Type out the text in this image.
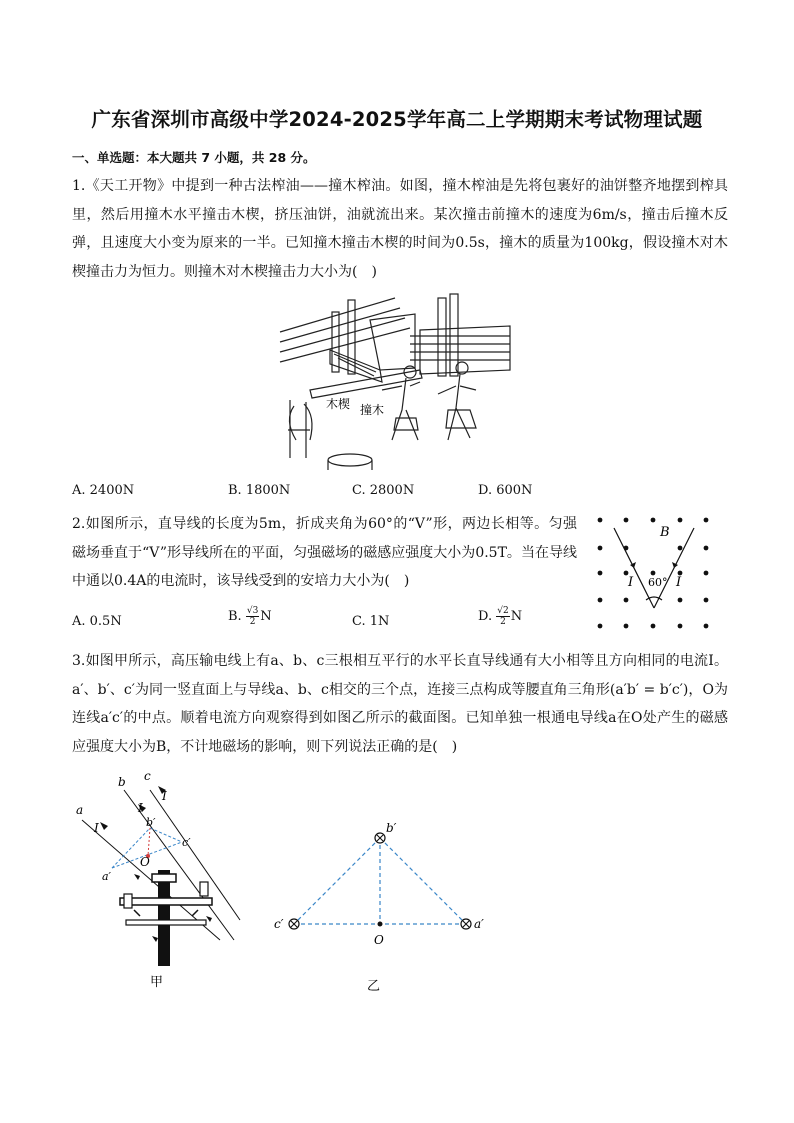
广东省深圳市高级中学2024-2025学年高二上学期期末考试物理试题
一、单选题：本大题共 7 小题，共 28 分。
1.《天工开物》中提到一种古法榨油——撞木榨油。如图，撞木榨油是先将包裹好的油饼整齐地摆到榨具里，然后用撞木水平撞击木楔，挤压油饼，油就流出来。某次撞击前撞木的速度为6m/s，撞击后撞木反弹，且速度大小变为原来的一半。已知撞木撞击木楔的时间为0.5s，撞木的质量为100kg，假设撞木对木楔撞击力为恒力。则撞木对木楔撞击力大小为(　)
木楔 撞木
A. 2400N	B. 1800N	C. 2800N	D. 600N
2.如图所示，直导线的长度为5m，折成夹角为60°的“V”形，两边长相等。匀强磁场垂直于“V”形导线所在的平面，匀强磁场的磁感应强度大小为0.5T。当在导线中通以0.4A的电流时，该导线受到的安培力大小为(　)
B
I	I
60°
A. 0.5N	B. $\frac{√3}{2}$ N	C. 1N	D. $\frac{√2}{2}$ N
3.如图甲所示，高压输电线上有a、b、c三根相互平行的水平长直导线通有大小相等且方向相同的电流I。a′、b′、c′为同一竖直面上与导线a、b、c相交的三个点，连接三点构成等腰直角三角形(a′b′ = b′c′)，O为连线a′c′的中点。顺着电流方向观察得到如图乙所示的截面图。已知单独一根通电导线a在O处产生的磁感应强度大小为B，不计地磁场的影响，则下列说法正确的是(　)
a
b c
I
I
I
a′
b′
c′
O
甲
b′
c′	a′
O
乙
